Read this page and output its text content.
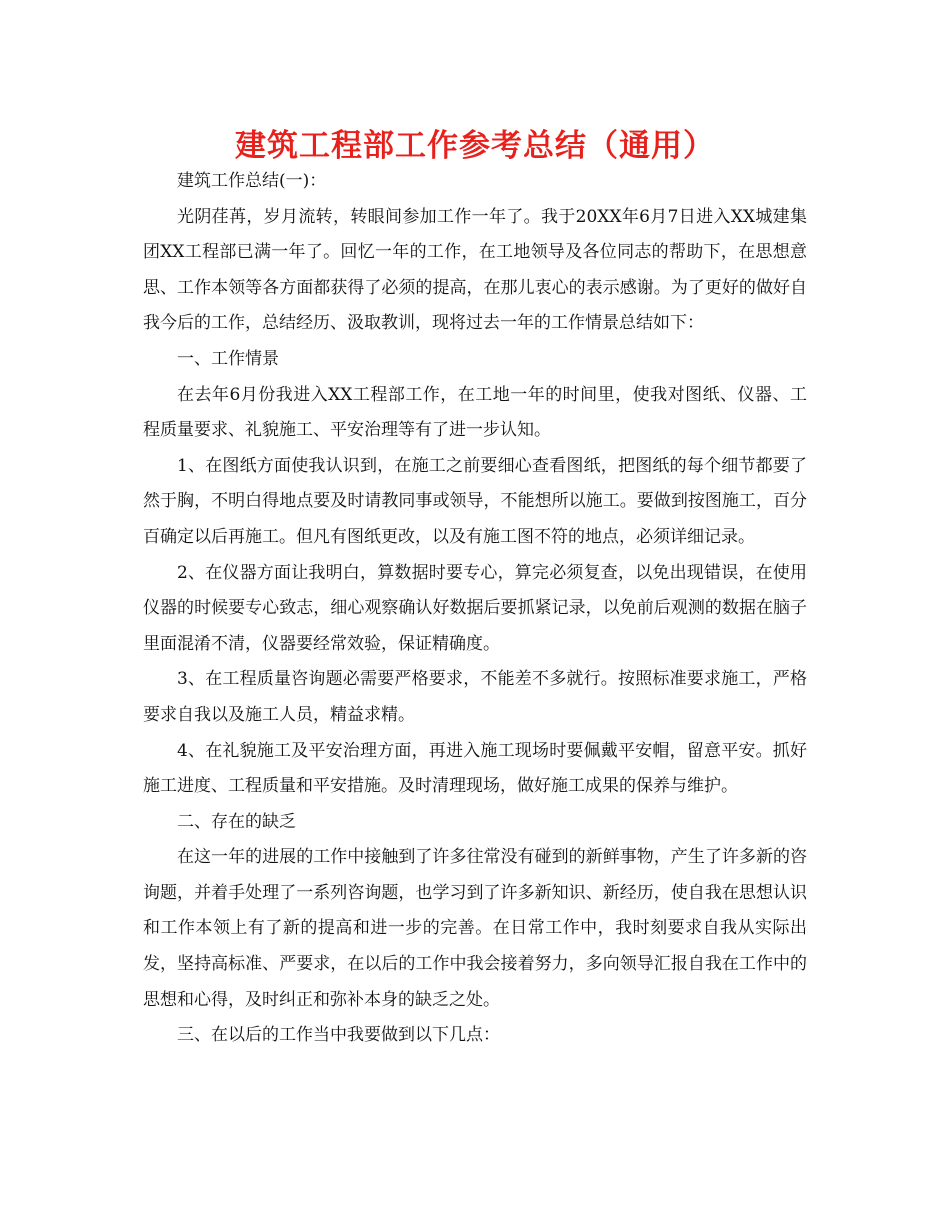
建筑工程部工作参考总结（通用）

建筑工作总结(一)：

光阴荏苒，岁月流转，转眼间参加工作一年了。我于20XX年6月7日进入XX城建集团XX工程部已满一年了。回忆一年的工作，在工地领导及各位同志的帮助下，在思想意思、工作本领等各方面都获得了必须的提高，在那儿衷心的表示感谢。为了更好的做好自我今后的工作，总结经历、汲取教训，现将过去一年的工作情景总结如下：

一、工作情景

在去年6月份我进入XX工程部工作，在工地一年的时间里，使我对图纸、仪器、工程质量要求、礼貌施工、平安治理等有了进一步认知。

1、在图纸方面使我认识到，在施工之前要细心查看图纸，把图纸的每个细节都要了然于胸，不明白得地点要及时请教同事或领导，不能想所以施工。要做到按图施工，百分百确定以后再施工。但凡有图纸更改，以及有施工图不符的地点，必须详细记录。

2、在仪器方面让我明白，算数据时要专心，算完必须复查，以免出现错误，在使用仪器的时候要专心致志，细心观察确认好数据后要抓紧记录，以免前后观测的数据在脑子里面混淆不清，仪器要经常效验，保证精确度。

3、在工程质量咨询题必需要严格要求，不能差不多就行。按照标准要求施工，严格要求自我以及施工人员，精益求精。

4、在礼貌施工及平安治理方面，再进入施工现场时要佩戴平安帽，留意平安。抓好施工进度、工程质量和平安措施。及时清理现场，做好施工成果的保养与维护。

二、存在的缺乏

在这一年的进展的工作中接触到了许多往常没有碰到的新鲜事物，产生了许多新的咨询题，并着手处理了一系列咨询题，也学习到了许多新知识、新经历，使自我在思想认识和工作本领上有了新的提高和进一步的完善。在日常工作中，我时刻要求自我从实际出发，坚持高标准、严要求，在以后的工作中我会接着努力，多向领导汇报自我在工作中的思想和心得，及时纠正和弥补本身的缺乏之处。

三、在以后的工作当中我要做到以下几点：
